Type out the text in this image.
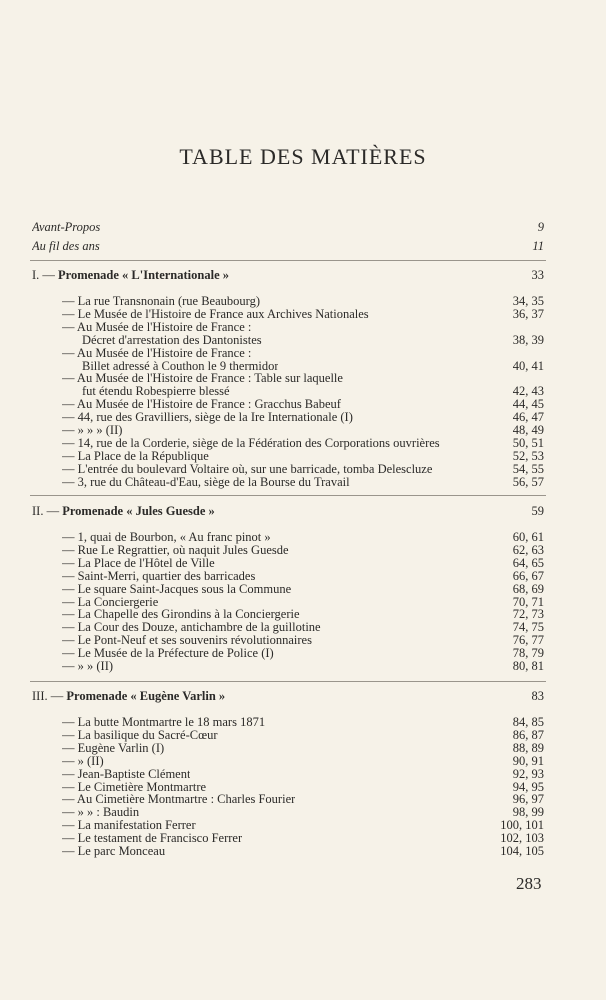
TABLE DES MATIÈRES
Avant-Propos	9
Au fil des ans	11
I. — Promenade « L'Internationale »	33
— La rue Transnonain (rue Beaubourg)	34, 35
— Le Musée de l'Histoire de France aux Archives Nationales	36, 37
— Au Musée de l'Histoire de France :
Décret d'arrestation des Dantonistes	38, 39
— Au Musée de l'Histoire de France :
Billet adressé à Couthon le 9 thermidor	40, 41
— Au Musée de l'Histoire de France : Table sur laquelle
fut étendu Robespierre blessé	42, 43
— Au Musée de l'Histoire de France : Gracchus Babeuf	44, 45
— 44, rue des Gravilliers, siège de la Ire Internationale (I)	46, 47
— » » » (II)	48, 49
— 14, rue de la Corderie, siège de la Fédération des Corporations ouvrières	50, 51
— La Place de la République	52, 53
— L'entrée du boulevard Voltaire où, sur une barricade, tomba Delescluze	54, 55
— 3, rue du Château-d'Eau, siège de la Bourse du Travail	56, 57
II. — Promenade « Jules Guesde »	59
— 1, quai de Bourbon, « Au franc pinot »	60, 61
— Rue Le Regrattier, où naquit Jules Guesde	62, 63
— La Place de l'Hôtel de Ville	64, 65
— Saint-Merri, quartier des barricades	66, 67
— Le square Saint-Jacques sous la Commune	68, 69
— La Conciergerie	70, 71
— La Chapelle des Girondins à la Conciergerie	72, 73
— La Cour des Douze, antichambre de la guillotine	74, 75
— Le Pont-Neuf et ses souvenirs révolutionnaires	76, 77
— Le Musée de la Préfecture de Police (I)	78, 79
— » » (II)	80, 81
III. — Promenade « Eugène Varlin »	83
— La butte Montmartre le 18 mars 1871	84, 85
— La basilique du Sacré-Cœur	86, 87
— Eugène Varlin (I)	88, 89
— » (II)	90, 91
— Jean-Baptiste Clément	92, 93
— Le Cimetière Montmartre	94, 95
— Au Cimetière Montmartre : Charles Fourier	96, 97
— » » : Baudin	98, 99
— La manifestation Ferrer	100, 101
— Le testament de Francisco Ferrer	102, 103
— Le parc Monceau	104, 105
283
